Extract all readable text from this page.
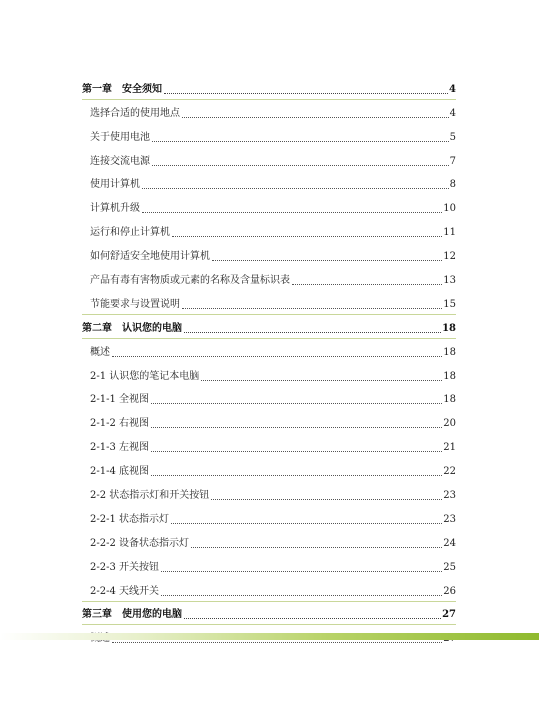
第一章　安全须知	4
选择合适的使用地点	4
关于使用电池	5
连接交流电源	7
使用计算机	8
计算机升级	10
运行和停止计算机	11
如何舒适安全地使用计算机	12
产品有毒有害物质或元素的名称及含量标识表	13
节能要求与设置说明	15
第二章　认识您的电脑	18
概述	18
2-1 认识您的笔记本电脑	18
2-1-1 全视图	18
2-1-2 右视图	20
2-1-3 左视图	21
2-1-4 底视图	22
2-2 状态指示灯和开关按钮	23
2-2-1 状态指示灯	23
2-2-2 设备状态指示灯	24
2-2-3 开关按钮	25
2-2-4 天线开关	26
第三章　使用您的电脑	27
